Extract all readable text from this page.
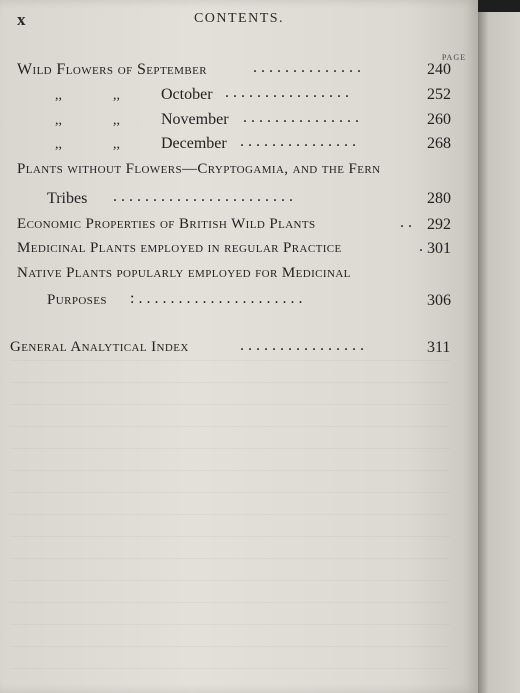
x	CONTENTS.
PAGE
Wild Flowers of September	. . . . . . . . . . . . . .	240
,,	,,	October . . . . . . . . . . . . . . . .	252
,,	,,	November . . . . . . . . . . . . . . .	260
,,	,,	December . . . . . . . . . . . . . . .	268
Plants without Flowers—Cryptogamia, and the Fern
Tribes . . . . . . . . . . . . . . . . . . . . . . .	280
Economic Properties of British Wild Plants	. . 292
Medicinal Plants employed in regular Practice	. 301
Native Plants popularly employed for Medicinal
Purposes : . . . . . . . . . . . . . . . . . . . . .	306
General Analytical Index	. . . . . . . . . . . . . . . .	311
